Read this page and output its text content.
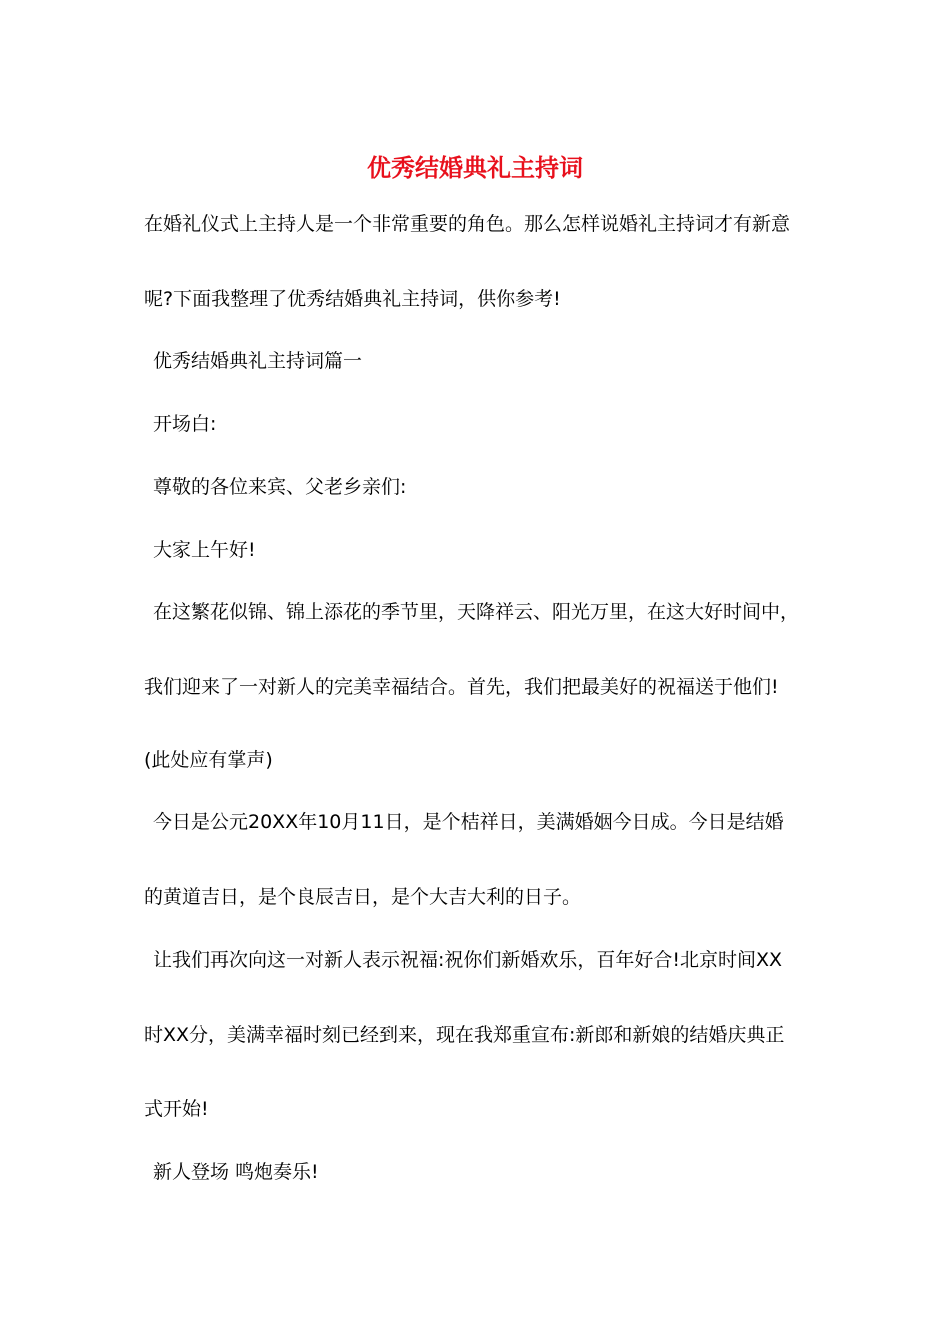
优秀结婚典礼主持词
在婚礼仪式上主持人是一个非常重要的角色。那么怎样说婚礼主持词才有新意
呢?下面我整理了优秀结婚典礼主持词，供你参考!
优秀结婚典礼主持词篇一
开场白:
尊敬的各位来宾、父老乡亲们:
大家上午好!
在这繁花似锦、锦上添花的季节里，天降祥云、阳光万里，在这大好时间中，
我们迎来了一对新人的完美幸福结合。首先，我们把最美好的祝福送于他们!
(此处应有掌声)
今日是公元20XX年10月11日，是个桔祥日，美满婚姻今日成。今日是结婚
的黄道吉日，是个良辰吉日，是个大吉大利的日子。
让我们再次向这一对新人表示祝福:祝你们新婚欢乐，百年好合!北京时间XX
时XX分，美满幸福时刻已经到来，现在我郑重宣布:新郎和新娘的结婚庆典正
式开始!
新人登场 鸣炮奏乐!
